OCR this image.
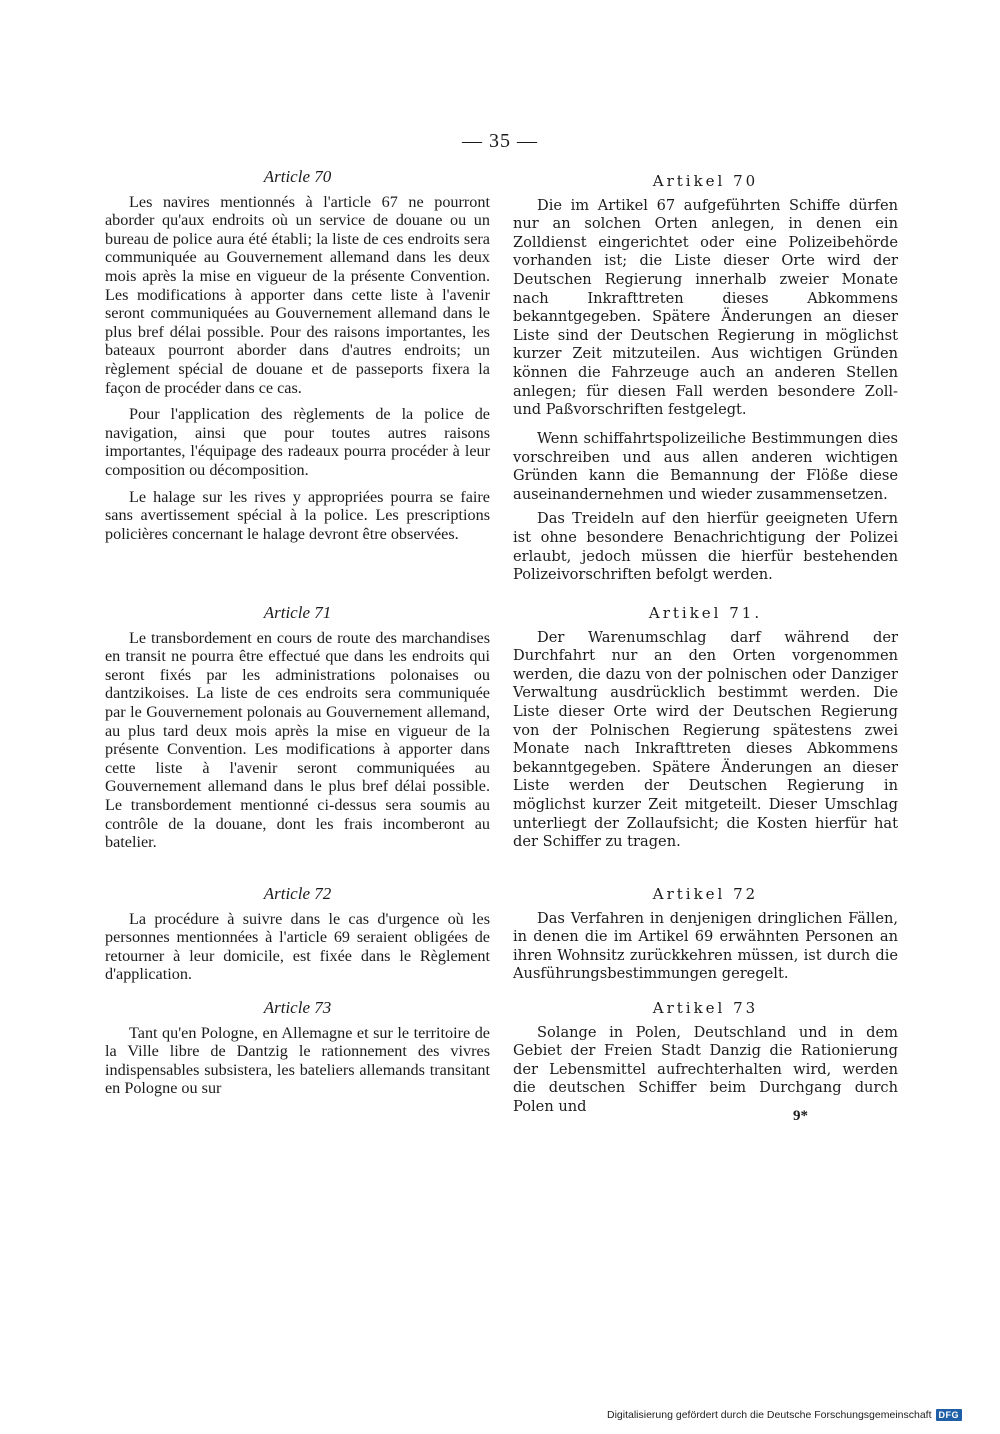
— 35 —
Article 70

Les navires mentionnés à l'article 67 ne pourront aborder qu'aux endroits où un service de douane ou un bureau de police aura été établi; la liste de ces endroits sera communiquée au Gouvernement allemand dans les deux mois après la mise en vigueur de la présente Convention. Les modifications à apporter dans cette liste à l'avenir seront communiquées au Gouvernement allemand dans le plus bref délai possible. Pour des raisons importantes, les bateaux pourront aborder dans d'autres endroits; un règlement spécial de douane et de passeports fixera la façon de procéder dans ce cas.

Pour l'application des règlements de la police de navigation, ainsi que pour toutes autres raisons importantes, l'équipage des radeaux pourra procéder à leur composition ou décomposition.

Le halage sur les rives y appropriées pourra se faire sans avertissement spécial à la police. Les prescriptions policières concernant le halage devront être observées.

Article 71

Le transbordement en cours de route des marchandises en transit ne pourra être effectué que dans les endroits qui seront fixés par les administrations polonaises ou dantzikoises. La liste de ces endroits sera communiquée par le Gouvernement polonais au Gouvernement allemand, au plus tard deux mois après la mise en vigueur de la présente Convention. Les modifications à apporter dans cette liste à l'avenir seront communiquées au Gouvernement allemand dans le plus bref délai possible. Le transbordement mentionné ci-dessus sera soumis au contrôle de la douane, dont les frais incomberont au batelier.

Article 72

La procédure à suivre dans le cas d'urgence où les personnes mentionnées à l'article 69 seraient obligées de retourner à leur domicile, est fixée dans le Règlement d'application.

Article 73

Tant qu'en Pologne, en Allemagne et sur le territoire de la Ville libre de Dantzig le rationnement des vivres indispensables subsistera, les bateliers allemands transitant en Pologne ou sur

Artikel 70

Die im Artikel 67 aufgeführten Schiffe dürfen nur an solchen Orten anlegen, in denen ein Zolldienst eingerichtet oder eine Polizeibehörde vorhanden ist; die Liste dieser Orte wird der Deutschen Regierung innerhalb zweier Monate nach Inkrafttreten dieses Abkommens bekanntgegeben. Spätere Änderungen an dieser Liste sind der Deutschen Regierung in möglichst kurzer Zeit mitzuteilen. Aus wichtigen Gründen können die Fahrzeuge auch an anderen Stellen anlegen; für diesen Fall werden besondere Zoll- und Paßvorschriften festgelegt.

Wenn schiffahrtspolizeiliche Bestimmungen dies vorschreiben und aus allen anderen wichtigen Gründen kann die Bemannung der Flöße diese auseinandernehmen und wieder zusammensetzen.

Das Treideln auf den hierfür geeigneten Ufern ist ohne besondere Benachrichtigung der Polizei erlaubt, jedoch müssen die hierfür bestehenden Polizeivorschriften befolgt werden.

Artikel 71.

Der Warenumschlag darf während der Durchfahrt nur an den Orten vorgenommen werden, die dazu von der polnischen oder Danziger Verwaltung ausdrücklich bestimmt werden. Die Liste dieser Orte wird der Deutschen Regierung von der Polnischen Regierung spätestens zwei Monate nach Inkrafttreten dieses Abkommens bekanntgegeben. Spätere Änderungen an dieser Liste werden der Deutschen Regierung in möglichst kurzer Zeit mitgeteilt. Dieser Umschlag unterliegt der Zollaufsicht; die Kosten hierfür hat der Schiffer zu tragen.

Artikel 72

Das Verfahren in denjenigen dringlichen Fällen, in denen die im Artikel 69 erwähnten Personen an ihren Wohnsitz zurückkehren müssen, ist durch die Ausführungsbestimmungen geregelt.

Artikel 73

Solange in Polen, Deutschland und in dem Gebiet der Freien Stadt Danzig die Rationierung der Lebensmittel aufrechterhalten wird, werden die deutschen Schiffer beim Durchgang durch Polen und

9*
Digitalisierung gefördert durch die Deutsche Forschungsgemeinschaft DFG
